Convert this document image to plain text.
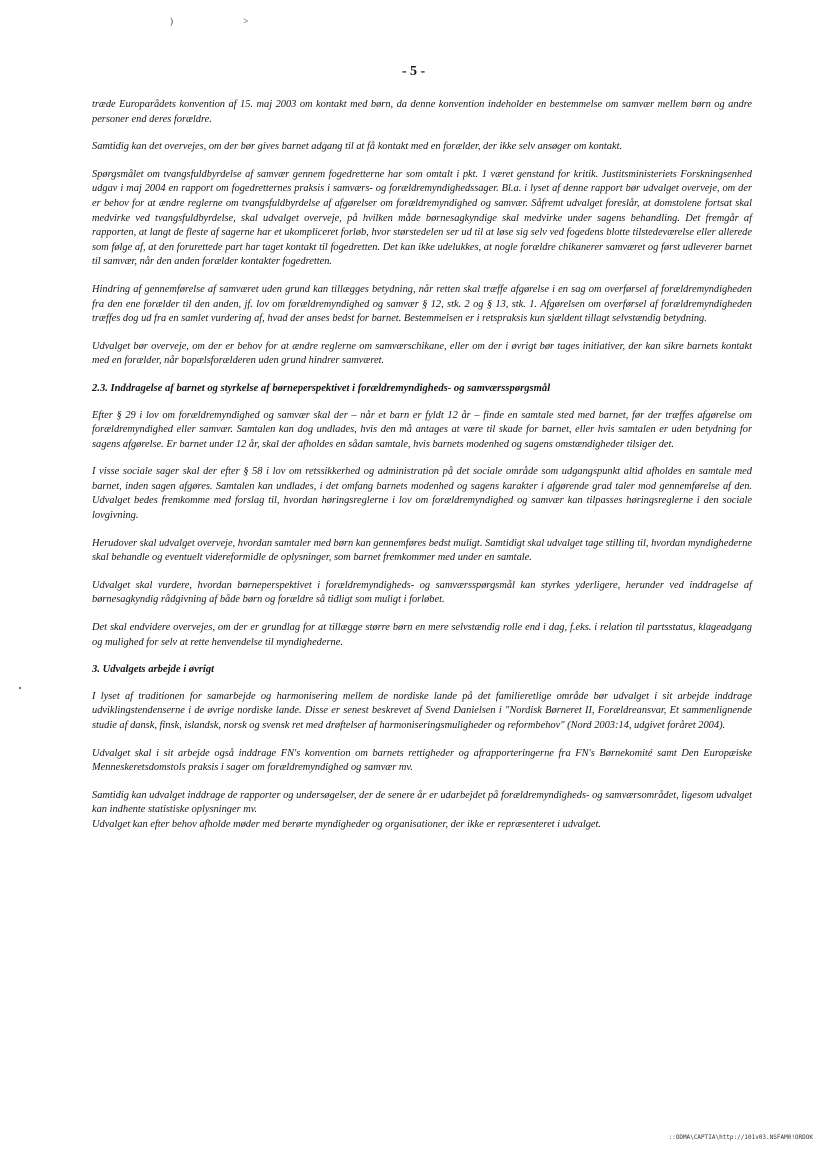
) ˃
- 5 -

træde Europarådets konvention af 15. maj 2003 om kontakt med børn, da denne konvention indeholder en bestemmelse om samvær mellem børn og andre personer end deres forældre.

Samtidig kan det overvejes, om der bør gives barnet adgang til at få kontakt med en forælder, der ikke selv ansøger om kontakt.

Spørgsmålet om tvangsfuldbyrdelse af samvær gennem fogedretterne har som omtalt i pkt. 1 været genstand for kritik. Justitsministeriets Forskningsenhed udgav i maj 2004 en rapport om fogedretternes praksis i samværs- og forældremyndighedssager. Bl.a. i lyset af denne rapport bør udvalget overveje, om der er behov for at ændre reglerne om tvangsfuldbyrdelse af afgørelser om forældremyndighed og samvær. Såfremt udvalget foreslår, at domstolene fortsat skal medvirke ved tvangsfuldbyrdelse, skal udvalget overveje, på hvilken måde børnesagkyndige skal medvirke under sagens behandling. Det fremgår af rapporten, at langt de fleste af sagerne har et ukompliceret forløb, hvor størstedelen ser ud til at løse sig selv ved fogedens blotte tilstedeværelse eller allerede som følge af, at den forurettede part har taget kontakt til fogedretten. Det kan ikke udelukkes, at nogle forældre chikanerer samværet og først udleverer barnet til samvær, når den anden forælder kontakter fogedretten.

Hindring af gennemførelse af samværet uden grund kan tillægges betydning, når retten skal træffe afgørelse i en sag om overførsel af forældremyndigheden fra den ene forælder til den anden, jf. lov om forældremyndighed og samvær § 12, stk. 2 og § 13, stk. 1. Afgørelsen om overførsel af forældremyndigheden træffes dog ud fra en samlet vurdering af, hvad der anses bedst for barnet. Bestemmelsen er i retspraksis kun sjældent tillagt selvstændig betydning.

Udvalget bør overveje, om der er behov for at ændre reglerne om samværschikane, eller om der i øvrigt bør tages initiativer, der kan sikre barnets kontakt med en forælder, når bopælsforælderen uden grund hindrer samværet.

2.3. Inddragelse af barnet og styrkelse af børneperspektivet i forældremyndigheds- og samværsspørgsmål

Efter § 29 i lov om forældremyndighed og samvær skal der – når et barn er fyldt 12 år – finde en samtale sted med barnet, før der træffes afgørelse om forældremyndighed eller samvær. Samtalen kan dog undlades, hvis den må antages at være til skade for barnet, eller hvis samtalen er uden betydning for sagens afgørelse. Er barnet under 12 år, skal der afholdes en sådan samtale, hvis barnets modenhed og sagens omstændigheder tilsiger det.

I visse sociale sager skal der efter § 58 i lov om retssikkerhed og administration på det sociale område som udgangspunkt altid afholdes en samtale med barnet, inden sagen afgøres. Samtalen kan undlades, i det omfang barnets modenhed og sagens karakter i afgørende grad taler mod gennemførelse af den. Udvalget bedes fremkomme med forslag til, hvordan høringsreglerne i lov om forældremyndighed og samvær kan tilpasses høringsreglerne i den sociale lovgivning.

Herudover skal udvalget overveje, hvordan samtaler med børn kan gennemføres bedst muligt. Samtidigt skal udvalget tage stilling til, hvordan myndighederne skal behandle og eventuelt videreformidle de oplysninger, som barnet fremkommer med under en samtale.

Udvalget skal vurdere, hvordan børneperspektivet i forældremyndigheds- og samværsspørgsmål kan styrkes yderligere, herunder ved inddragelse af børnesagkyndig rådgivning af både børn og forældre så tidligt som muligt i forløbet.

Det skal endvidere overvejes, om der er grundlag for at tillægge større børn en mere selvstændig rolle end i dag, f.eks. i relation til partsstatus, klageadgang og mulighed for selv at rette henvendelse til myndighederne.

3. Udvalgets arbejde i øvrigt

I lyset af traditionen for samarbejde og harmonisering mellem de nordiske lande på det familieretlige område bør udvalget i sit arbejde inddrage udviklingstendenserne i de øvrige nordiske lande. Disse er senest beskrevet af Svend Danielsen i "Nordisk Børneret II, Forældreansvar, Et sammenlignende studie af dansk, finsk, islandsk, norsk og svensk ret med drøftelser af harmoniseringsmuligheder og reformbehov" (Nord 2003:14, udgivet foråret 2004).

Udvalget skal i sit arbejde også inddrage FN's konvention om barnets rettigheder og afrapporteringerne fra FN's Børnekomité samt Den Europæiske Menneskeretsdomstols praksis i sager om forældremyndighed og samvær mv.

Samtidig kan udvalget inddrage de rapporter og undersøgelser, der de senere år er udarbejdet på forældremyndigheds- og samværsområdet, ligesom udvalget kan indhente statistiske oplysninger mv.

Udvalget kan efter behov afholde møder med berørte myndigheder og organisationer, der ikke er repræsenteret i udvalget.

::ODMA\CAPTIA\http://101v03.NSFAM0!ORDOK
